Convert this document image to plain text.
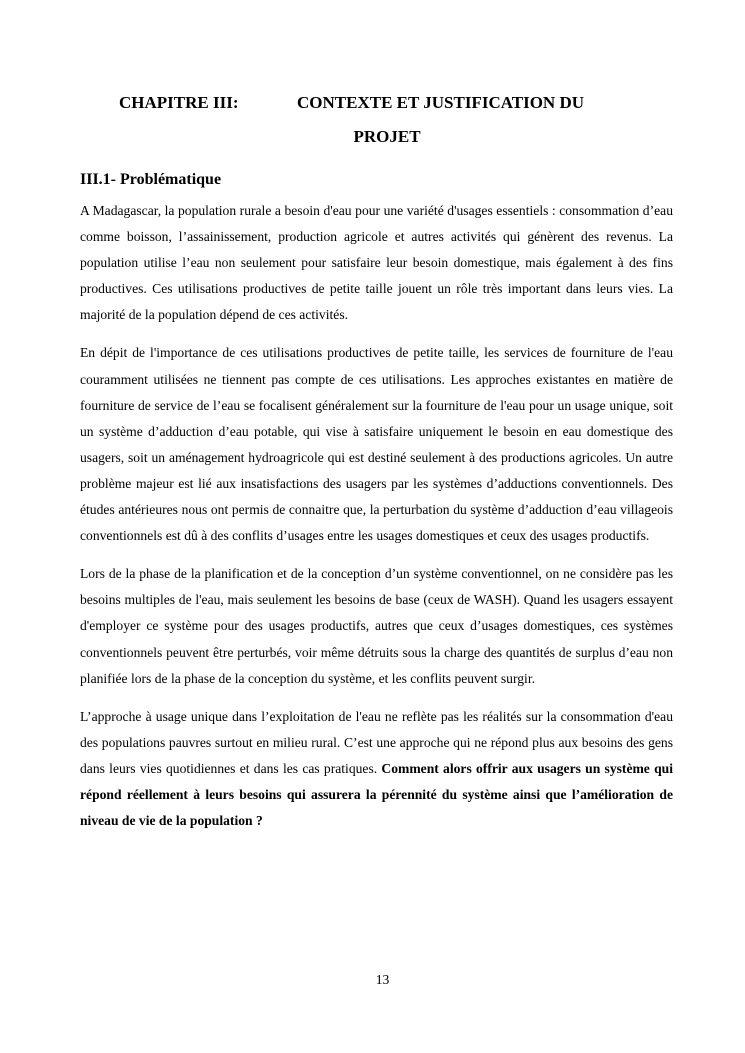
CHAPITRE III:	CONTEXTE ET JUSTIFICATION DU
PROJET
III.1- Problématique

A Madagascar, la population rurale a besoin d'eau pour une variété d'usages essentiels : consommation d’eau comme boisson, l’assainissement, production agricole et autres activités qui génèrent des revenus. La population utilise l’eau non seulement pour satisfaire leur besoin domestique, mais également à des fins productives. Ces utilisations productives de petite taille jouent un rôle très important dans leurs vies. La majorité de la population dépend de ces activités.

En dépit de l'importance de ces utilisations productives de petite taille, les services de fourniture de l'eau couramment utilisées ne tiennent pas compte de ces utilisations. Les approches existantes en matière de fourniture de service de l’eau se focalisent généralement sur la fourniture de l'eau pour un usage unique, soit un système d’adduction d’eau potable, qui vise à satisfaire uniquement le besoin en eau domestique des usagers, soit un aménagement hydroagricole qui est destiné seulement à des productions agricoles. Un autre problème majeur est lié aux insatisfactions des usagers par les systèmes d’adductions conventionnels. Des études antérieures nous ont permis de connaitre que, la perturbation du système d’adduction d’eau villageois conventionnels est dû à des conflits d’usages entre les usages domestiques et ceux des usages productifs.

Lors de la phase de la planification et de la conception d’un système conventionnel, on ne considère pas les besoins multiples de l'eau, mais seulement les besoins de base (ceux de WASH). Quand les usagers essayent d'employer ce système pour des usages productifs, autres que ceux d’usages domestiques, ces systèmes conventionnels peuvent être perturbés, voir même détruits sous la charge des quantités de surplus d’eau non planifiée lors de la phase de la conception du système, et les conflits peuvent surgir.

L’approche à usage unique dans l’exploitation de l'eau ne reflète pas les réalités sur la consommation d'eau des populations pauvres surtout en milieu rural. C’est une approche qui ne répond plus aux besoins des gens dans leurs vies quotidiennes et dans les cas pratiques. Comment alors offrir aux usagers un système qui répond réellement à leurs besoins qui assurera la pérennité du système ainsi que l’amélioration de niveau de vie de la population ?

13
